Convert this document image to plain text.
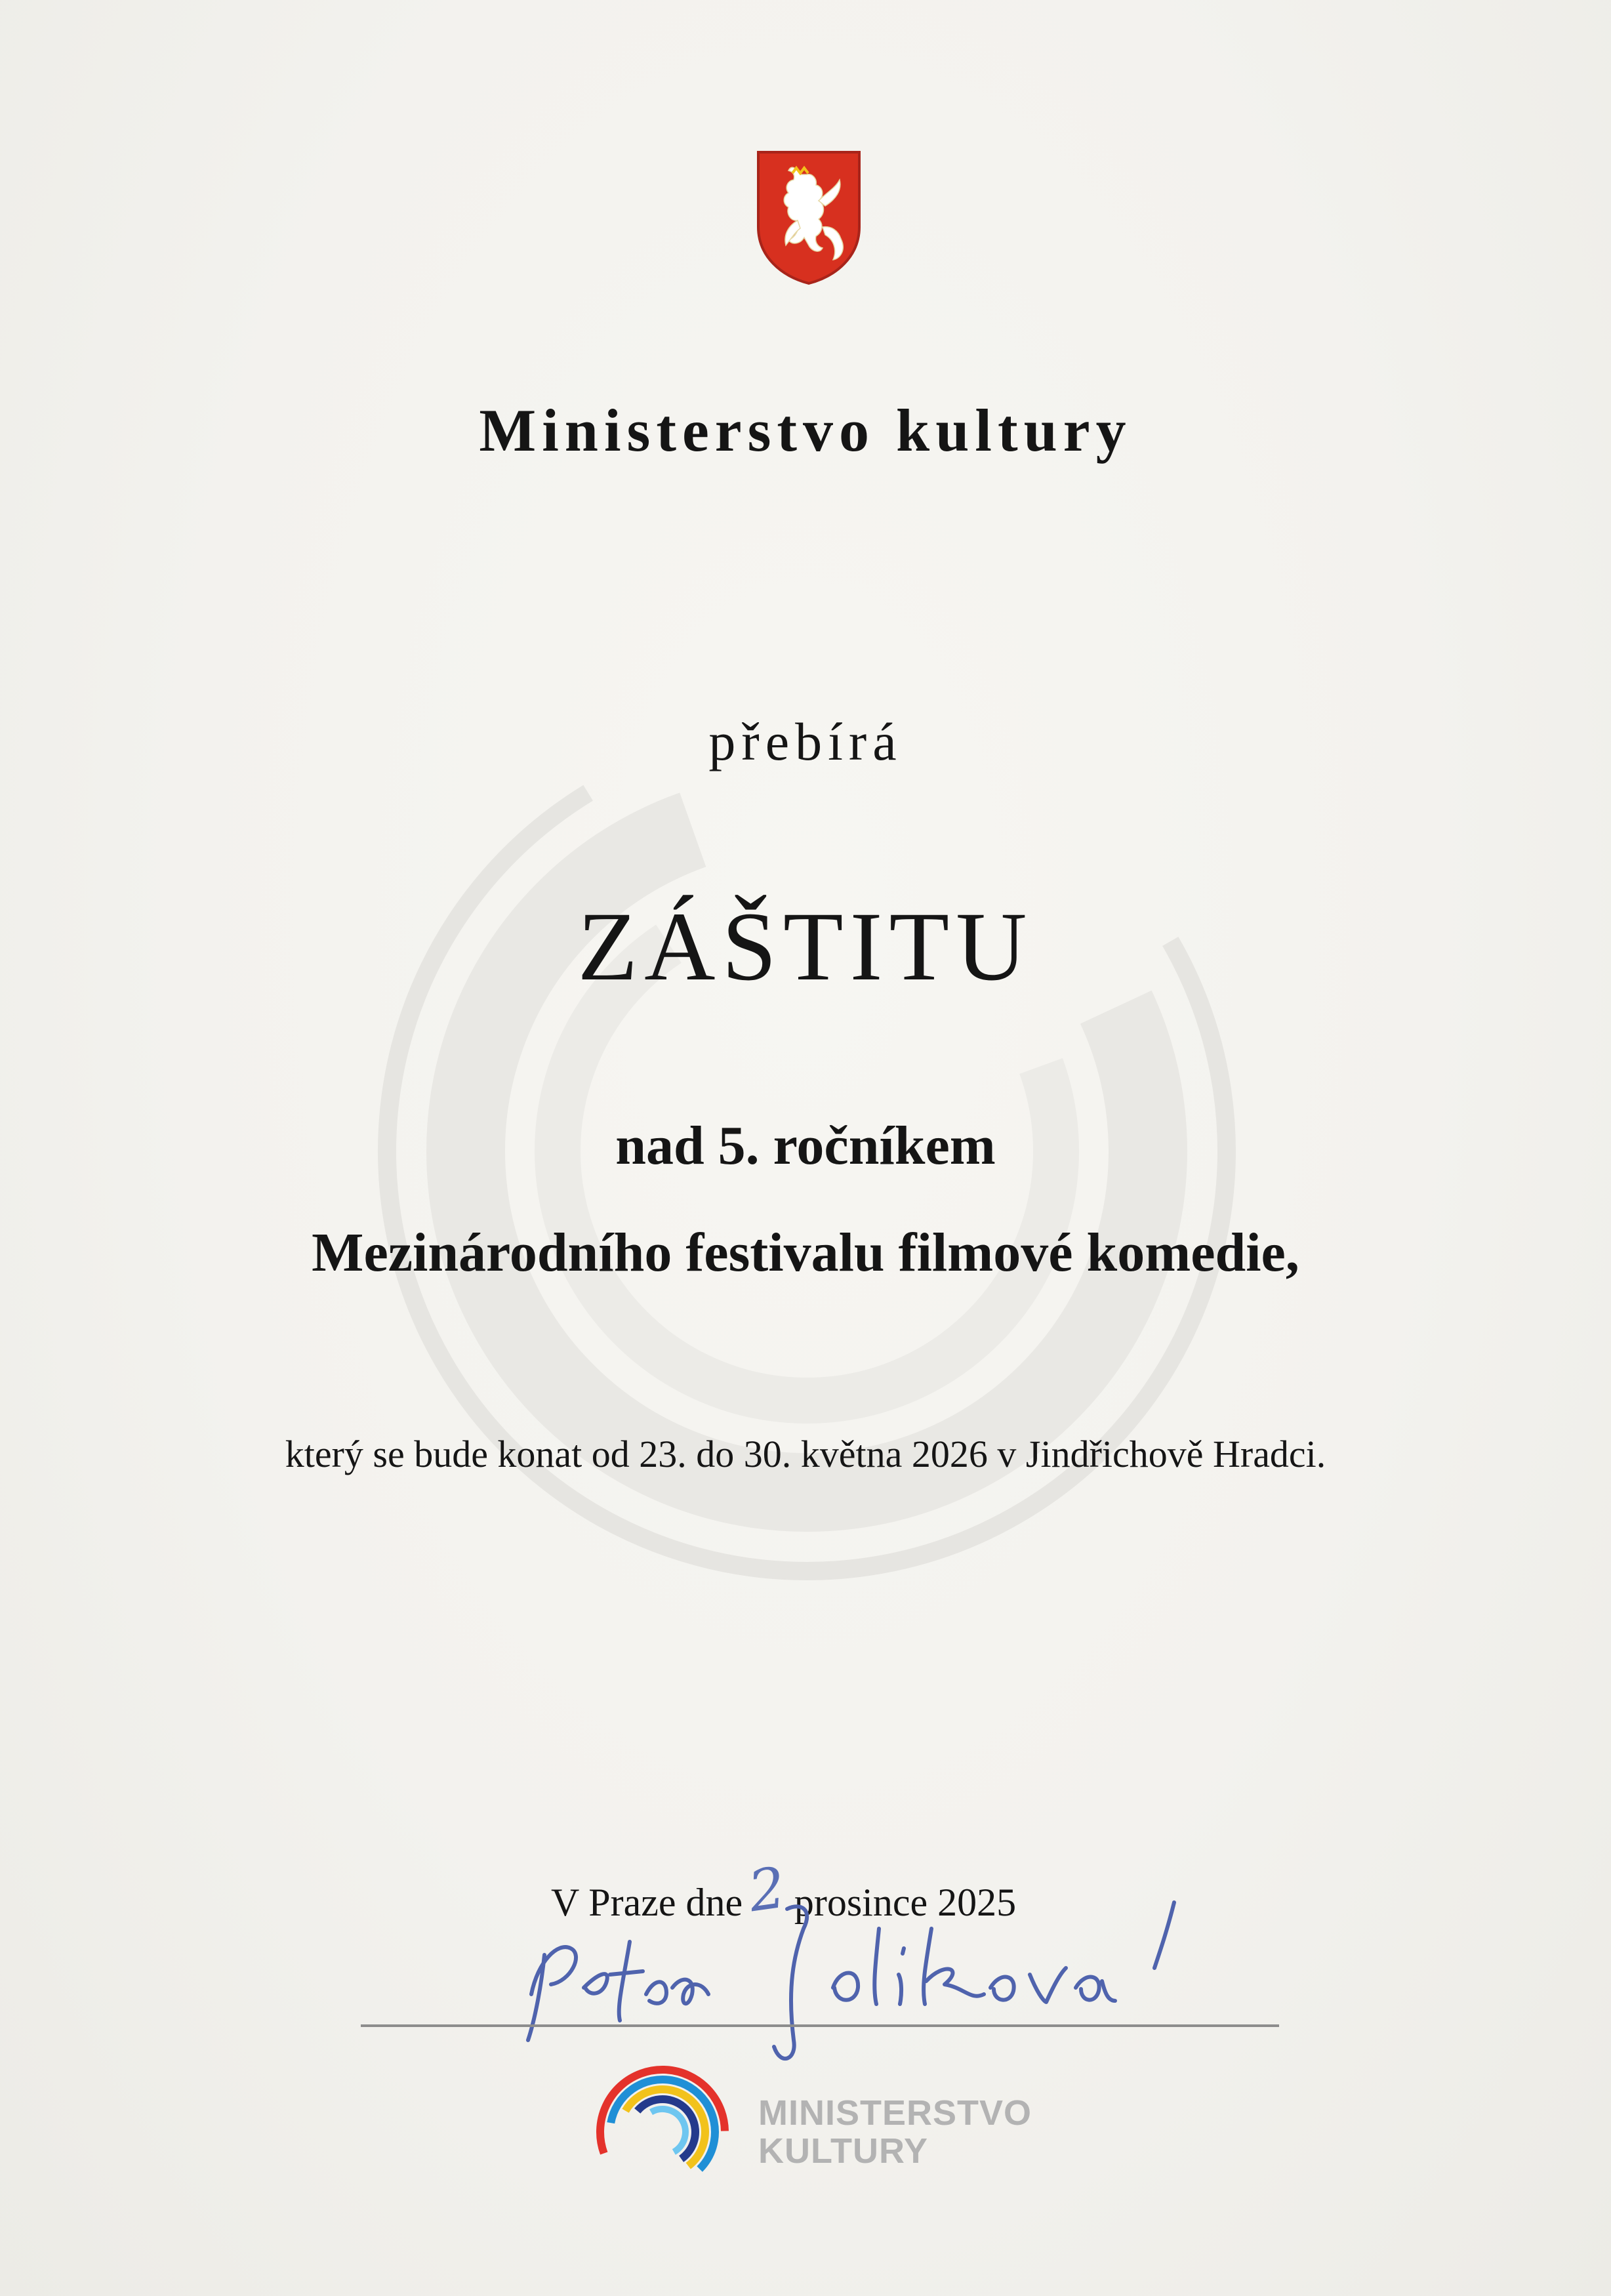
Ministerstvo kultury
přebírá
ZÁŠTITU
nad 5. ročníkem
Mezinárodního festivalu filmové komedie,
který se bude konat od 23. do 30. května 2026 v Jindřichově Hradci.
V Praze dne2 prosince 2025
MINISTERSTVO
KULTURY
